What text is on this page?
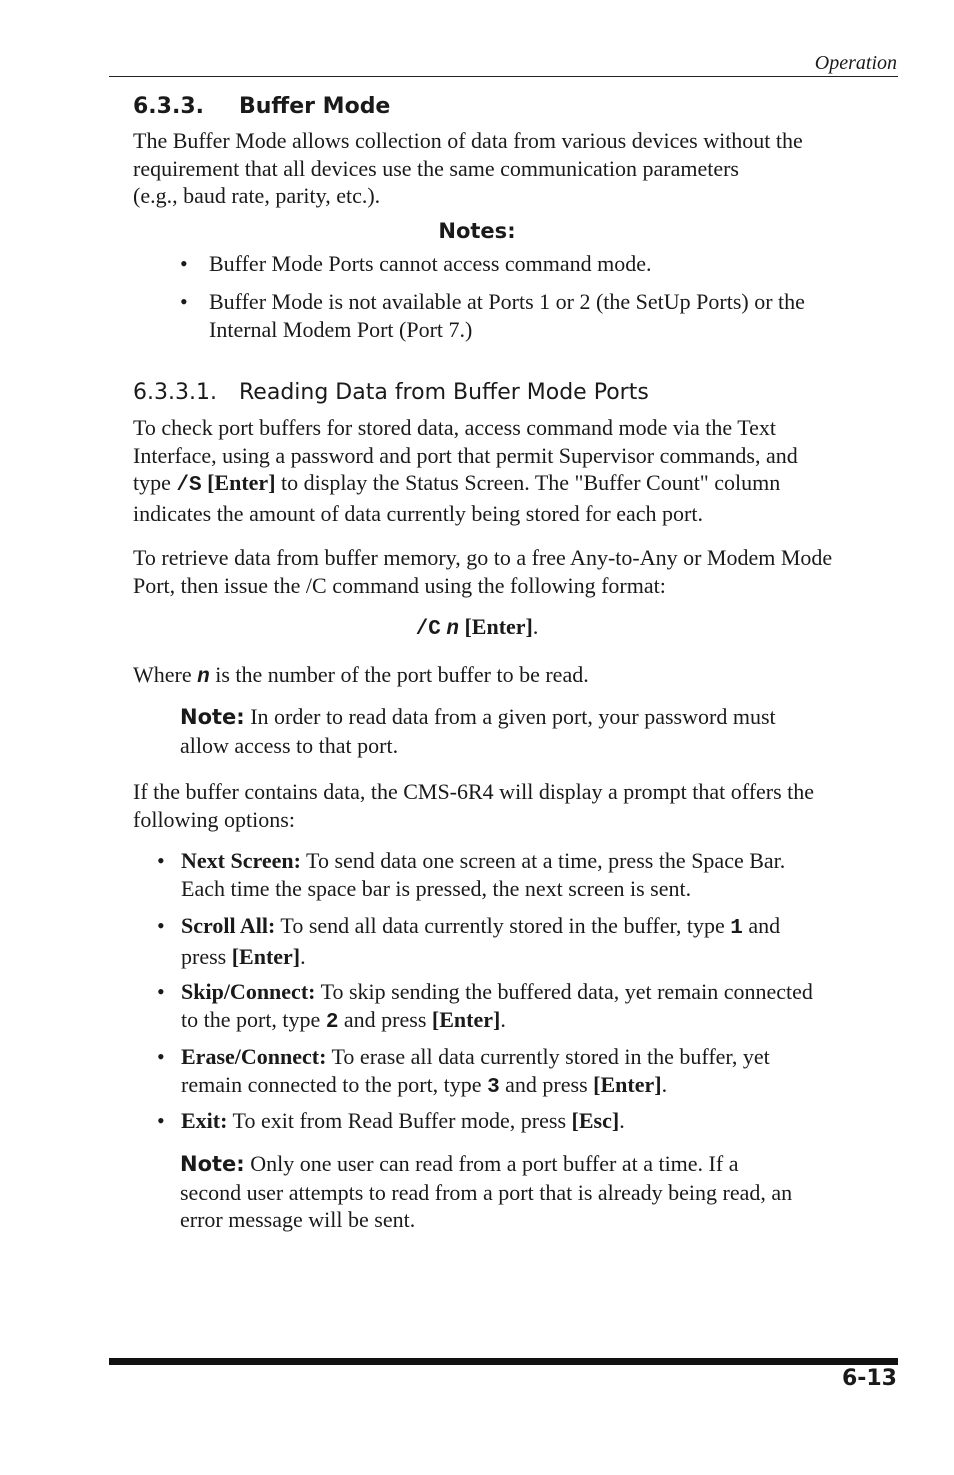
Operation
6.3.3. Buffer Mode
The Buffer Mode allows collection of data from various devices without the
requirement that all devices use the same communication parameters
(e.g., baud rate, parity, etc.).
Notes:
• Buffer Mode Ports cannot access command mode.
• Buffer Mode is not available at Ports 1 or 2 (the SetUp Ports) or the
Internal Modem Port (Port 7.)
6.3.3.1. Reading Data from Buffer Mode Ports
To check port buffers for stored data, access command mode via the Text
Interface, using a password and port that permit Supervisor commands, and
type /S [Enter] to display the Status Screen. The "Buffer Count" column
indicates the amount of data currently being stored for each port.
To retrieve data from buffer memory, go to a free Any-to-Any or Modem Mode
Port, then issue the /C command using the following format:
/C n [Enter].
Where n is the number of the port buffer to be read.
Note: In order to read data from a given port, your password must
allow access to that port.
If the buffer contains data, the CMS-6R4 will display a prompt that offers the
following options:
• Next Screen: To send data one screen at a time, press the Space Bar.
Each time the space bar is pressed, the next screen is sent.
• Scroll All: To send all data currently stored in the buffer, type 1 and
press [Enter].
• Skip/Connect: To skip sending the buffered data, yet remain connected
to the port, type 2 and press [Enter].
• Erase/Connect: To erase all data currently stored in the buffer, yet
remain connected to the port, type 3 and press [Enter].
• Exit: To exit from Read Buffer mode, press [Esc].
Note: Only one user can read from a port buffer at a time. If a
second user attempts to read from a port that is already being read, an
error message will be sent.
6-13
